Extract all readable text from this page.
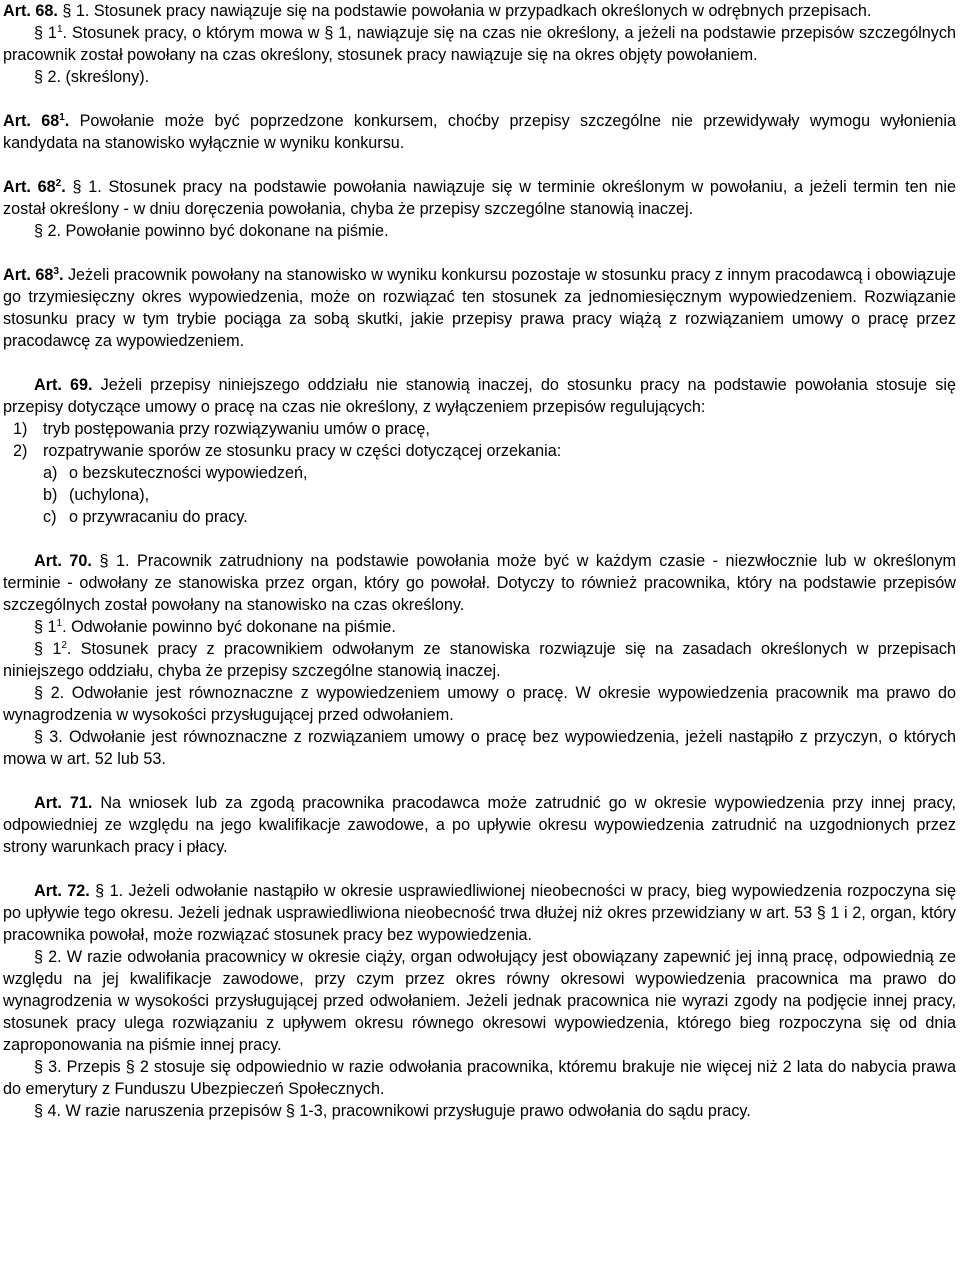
Art. 68. § 1. Stosunek pracy nawiązuje się na podstawie powołania w przypadkach określonych w odrębnych przepisach.

§ $1^1$. Stosunek pracy, o którym mowa w § 1, nawiązuje się na czas nie określony, a jeżeli na podstawie przepisów szczególnych pracownik został powołany na czas określony, stosunek pracy nawiązuje się na okres objęty powołaniem.

§ 2. (skreślony).

Art. $68^1$. Powołanie może być poprzedzone konkursem, choćby przepisy szczególne nie przewidywały wymogu wyłonienia kandydata na stanowisko wyłącznie w wyniku konkursu.

Art. $68^2$. § 1. Stosunek pracy na podstawie powołania nawiązuje się w terminie określonym w powołaniu, a jeżeli termin ten nie został określony - w dniu doręczenia powołania, chyba że przepisy szczególne stanowią inaczej.

§ 2. Powołanie powinno być dokonane na piśmie.

Art. $68^3$. Jeżeli pracownik powołany na stanowisko w wyniku konkursu pozostaje w stosunku pracy z innym pracodawcą i obowiązuje go trzymiesięczny okres wypowiedzenia, może on rozwiązać ten stosunek za jednomiesięcznym wypowiedzeniem. Rozwiązanie stosunku pracy w tym trybie pociąga za sobą skutki, jakie przepisy prawa pracy wiążą z rozwiązaniem umowy o pracę przez pracodawcę za wypowiedzeniem.

Art. 69. Jeżeli przepisy niniejszego oddziału nie stanowią inaczej, do stosunku pracy na podstawie powołania stosuje się przepisy dotyczące umowy o pracę na czas nie określony, z wyłączeniem przepisów regulujących:

1) tryb postępowania przy rozwiązywaniu umów o pracę,
2) rozpatrywanie sporów ze stosunku pracy w części dotyczącej orzekania:
a) o bezskuteczności wypowiedzeń,
b) (uchylona),
c) o przywracaniu do pracy.

Art. 70. § 1. Pracownik zatrudniony na podstawie powołania może być w każdym czasie - niezwłocznie lub w określonym terminie - odwołany ze stanowiska przez organ, który go powołał. Dotyczy to również pracownika, który na podstawie przepisów szczególnych został powołany na stanowisko na czas określony.

§ $1^1$. Odwołanie powinno być dokonane na piśmie.

§ $1^2$. Stosunek pracy z pracownikiem odwołanym ze stanowiska rozwiązuje się na zasadach określonych w przepisach niniejszego oddziału, chyba że przepisy szczególne stanowią inaczej.

§ 2. Odwołanie jest równoznaczne z wypowiedzeniem umowy o pracę. W okresie wypowiedzenia pracownik ma prawo do wynagrodzenia w wysokości przysługującej przed odwołaniem.

§ 3. Odwołanie jest równoznaczne z rozwiązaniem umowy o pracę bez wypowiedzenia, jeżeli nastąpiło z przyczyn, o których mowa w art. 52 lub 53.

Art. 71. Na wniosek lub za zgodą pracownika pracodawca może zatrudnić go w okresie wypowiedzenia przy innej pracy, odpowiedniej ze względu na jego kwalifikacje zawodowe, a po upływie okresu wypowiedzenia zatrudnić na uzgodnionych przez strony warunkach pracy i płacy.

Art. 72. § 1. Jeżeli odwołanie nastąpiło w okresie usprawiedliwionej nieobecności w pracy, bieg wypowiedzenia rozpoczyna się po upływie tego okresu. Jeżeli jednak usprawiedliwiona nieobecność trwa dłużej niż okres przewidziany w art. 53 § 1 i 2, organ, który pracownika powołał, może rozwiązać stosunek pracy bez wypowiedzenia.

§ 2. W razie odwołania pracownicy w okresie ciąży, organ odwołujący jest obowiązany zapewnić jej inną pracę, odpowiednią ze względu na jej kwalifikacje zawodowe, przy czym przez okres równy okresowi wypowiedzenia pracownica ma prawo do wynagrodzenia w wysokości przysługującej przed odwołaniem. Jeżeli jednak pracownica nie wyrazi zgody na podjęcie innej pracy, stosunek pracy ulega rozwiązaniu z upływem okresu równego okresowi wypowiedzenia, którego bieg rozpoczyna się od dnia zaproponowania na piśmie innej pracy.

§ 3. Przepis § 2 stosuje się odpowiednio w razie odwołania pracownika, któremu brakuje nie więcej niż 2 lata do nabycia prawa do emerytury z Funduszu Ubezpieczeń Społecznych.

§ 4. W razie naruszenia przepisów § 1-3, pracownikowi przysługuje prawo odwołania do sądu pracy.
